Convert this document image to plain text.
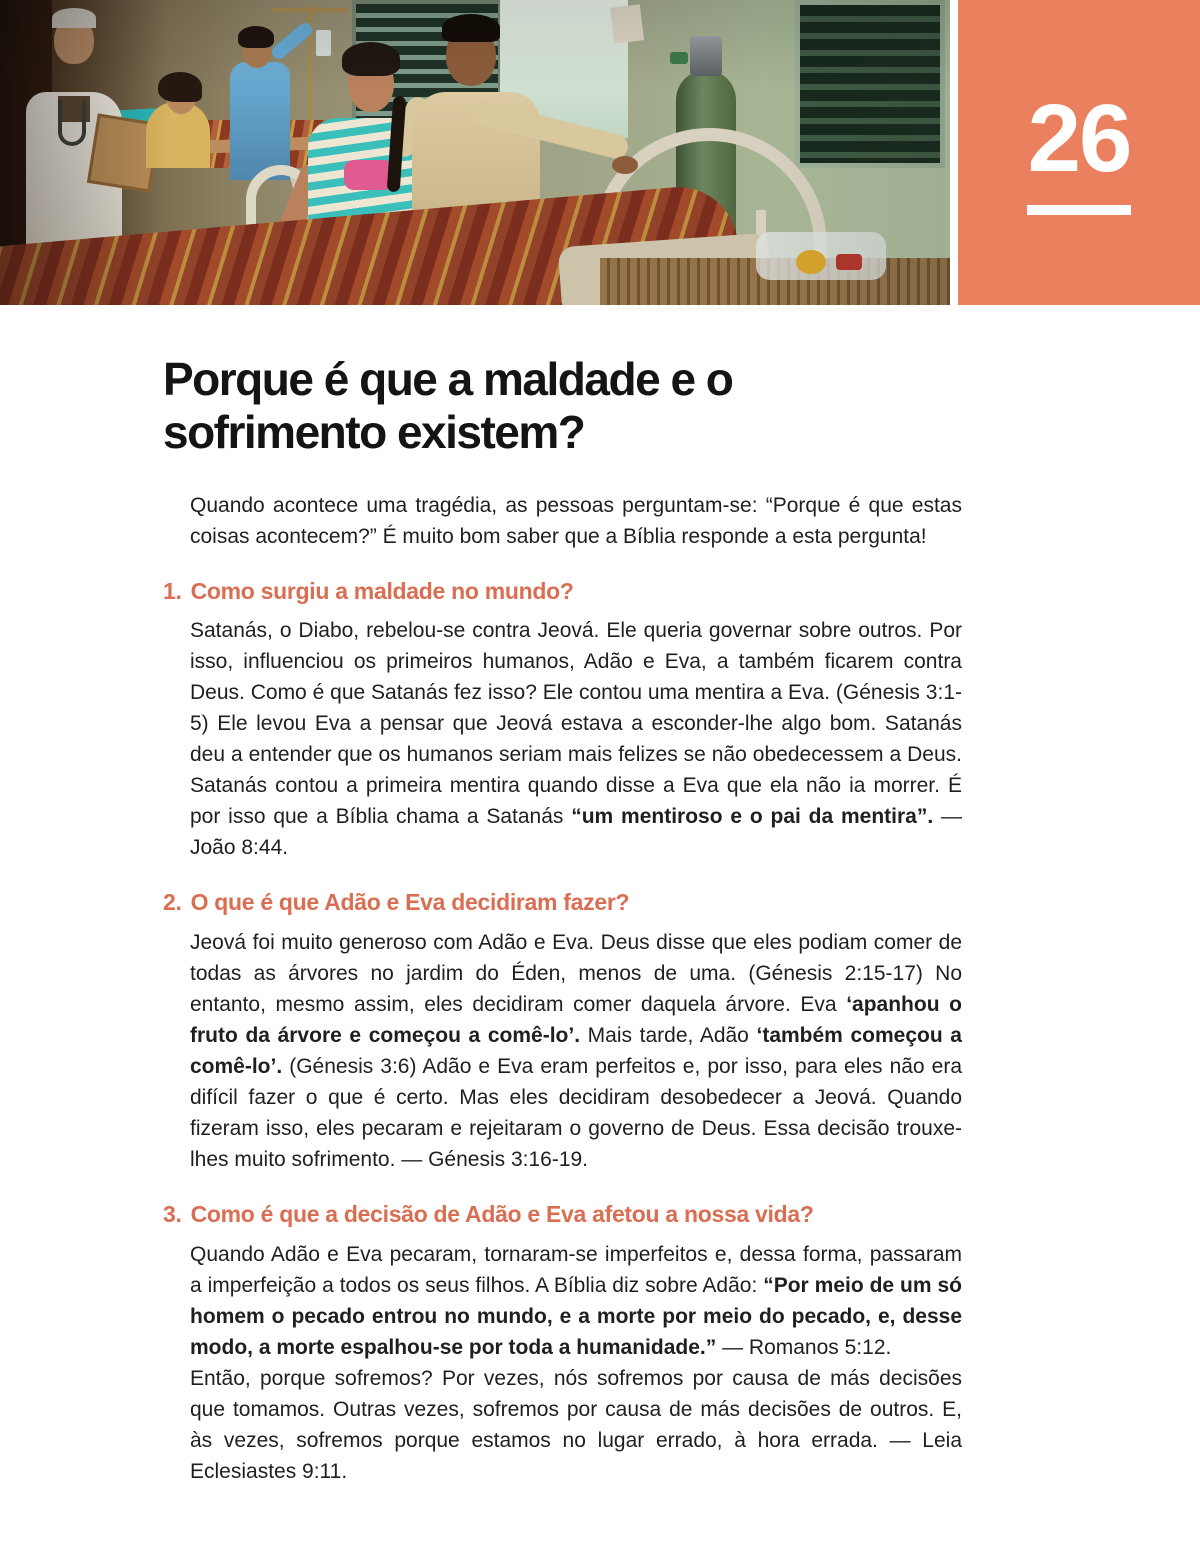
26
Porque é que a maldade e o sofrimento existem?

Quando acontece uma tragédia, as pessoas perguntam-se: “Porque é que estas coisas acontecem?” É muito bom saber que a Bíblia responde a esta pergunta!

1. Como surgiu a maldade no mundo?

Satanás, o Diabo, rebelou-se contra Jeová. Ele queria governar sobre outros. Por isso, influenciou os primeiros humanos, Adão e Eva, a também ficarem contra Deus. Como é que Satanás fez isso? Ele contou uma mentira a Eva. (Génesis 3:1-5) Ele levou Eva a pensar que Jeová estava a esconder-lhe algo bom. Satanás deu a entender que os humanos seriam mais felizes se não obedecessem a Deus. Satanás contou a primeira mentira quando disse a Eva que ela não ia morrer. É por isso que a Bíblia chama a Satanás “um mentiroso e o pai da mentira”. — João 8:44.

2. O que é que Adão e Eva decidiram fazer?

Jeová foi muito generoso com Adão e Eva. Deus disse que eles podiam comer de todas as árvores no jardim do Éden, menos de uma. (Génesis 2:15-17) No entanto, mesmo assim, eles decidiram comer daquela árvore. Eva ‘apanhou o fruto da árvore e começou a comê-lo’. Mais tarde, Adão ‘também começou a comê-lo’. (Génesis 3:6) Adão e Eva eram perfeitos e, por isso, para eles não era difícil fazer o que é certo. Mas eles decidiram desobedecer a Jeová. Quando fizeram isso, eles pecaram e rejeitaram o governo de Deus. Essa decisão trouxe-lhes muito sofrimento. — Génesis 3:16-19.

3. Como é que a decisão de Adão e Eva afetou a nossa vida?

Quando Adão e Eva pecaram, tornaram-se imperfeitos e, dessa forma, passaram a imperfeição a todos os seus filhos. A Bíblia diz sobre Adão: “Por meio de um só homem o pecado entrou no mundo, e a morte por meio do pecado, e, desse modo, a morte espalhou-se por toda a humanidade.” — Romanos 5:12.

Então, porque sofremos? Por vezes, nós sofremos por causa de más decisões que tomamos. Outras vezes, sofremos por causa de más decisões de outros. E, às vezes, sofremos porque estamos no lugar errado, à hora errada. — Leia Eclesiastes 9:11.
